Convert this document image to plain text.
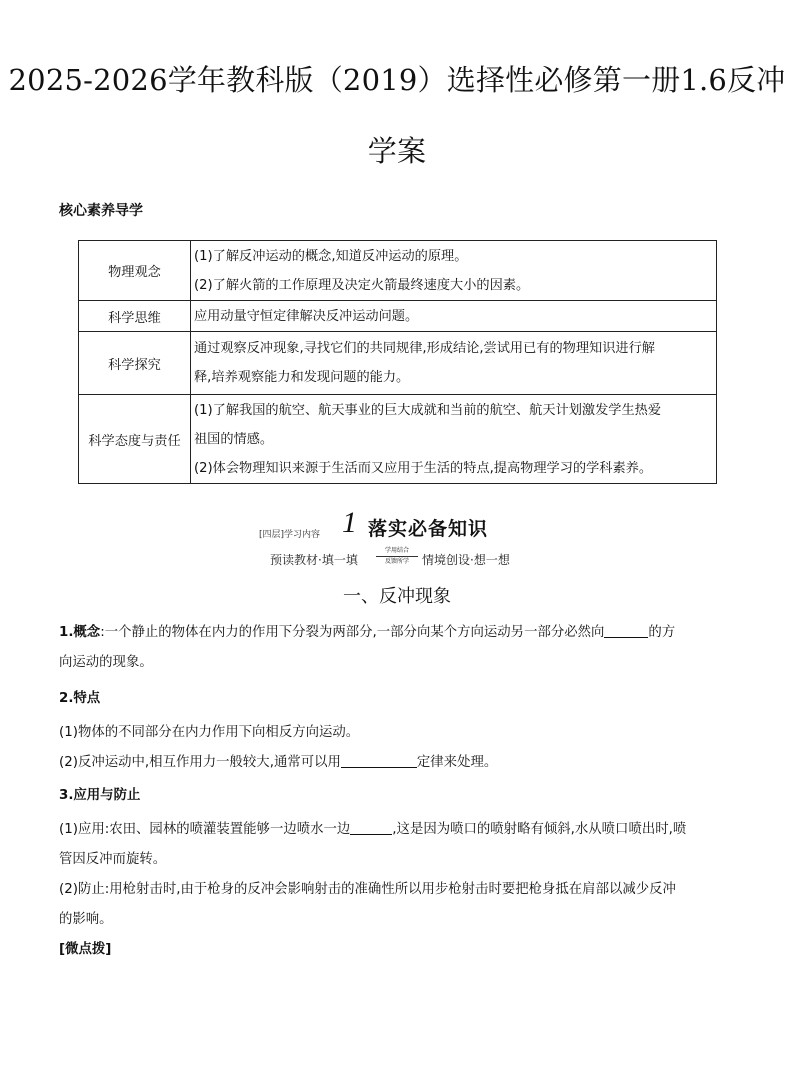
2025-2026学年教科版（2019）选择性必修第一册1.6反冲
学案
核心素养导学
物理观念	(1)了解反冲运动的概念,知道反冲运动的原理。
(2)了解火箭的工作原理及决定火箭最终速度大小的因素。

科学思维	应用动量守恒定律解决反冲运动问题。

科学探究	通过观察反冲现象,寻找它们的共同规律,形成结论,尝试用已有的物理知识进行解
释,培养观察能力和发现问题的能力。

科学态度与责任	(1)了解我国的航空、航天事业的巨大成就和当前的航空、航天计划激发学生热爱
祖国的情感。
(2)体会物理知识来源于生活而又应用于生活的特点,提高物理学习的学科素养。
[四层]学习内容 1 落实必备知识
预读教材·填一填
学用结合
反馈所学	情境创设·想一想
一、反冲现象
1.概念:一个静止的物体在内力的作用下分裂为两部分,一部分向某个方向运动另一部分必然向	的方
向运动的现象。
2.特点
(1)物体的不同部分在内力作用下向相反方向运动。
(2)反冲运动中,相互作用力一般较大,通常可以用	定律来处理。
3.应用与防止
(1)应用:农田、园林的喷灌装置能够一边喷水一边	,这是因为喷口的喷射略有倾斜,水从喷口喷出时,喷
管因反冲而旋转。
(2)防止:用枪射击时,由于枪身的反冲会影响射击的准确性所以用步枪射击时要把枪身抵在肩部以减少反冲
的影响。
[微点拨]
